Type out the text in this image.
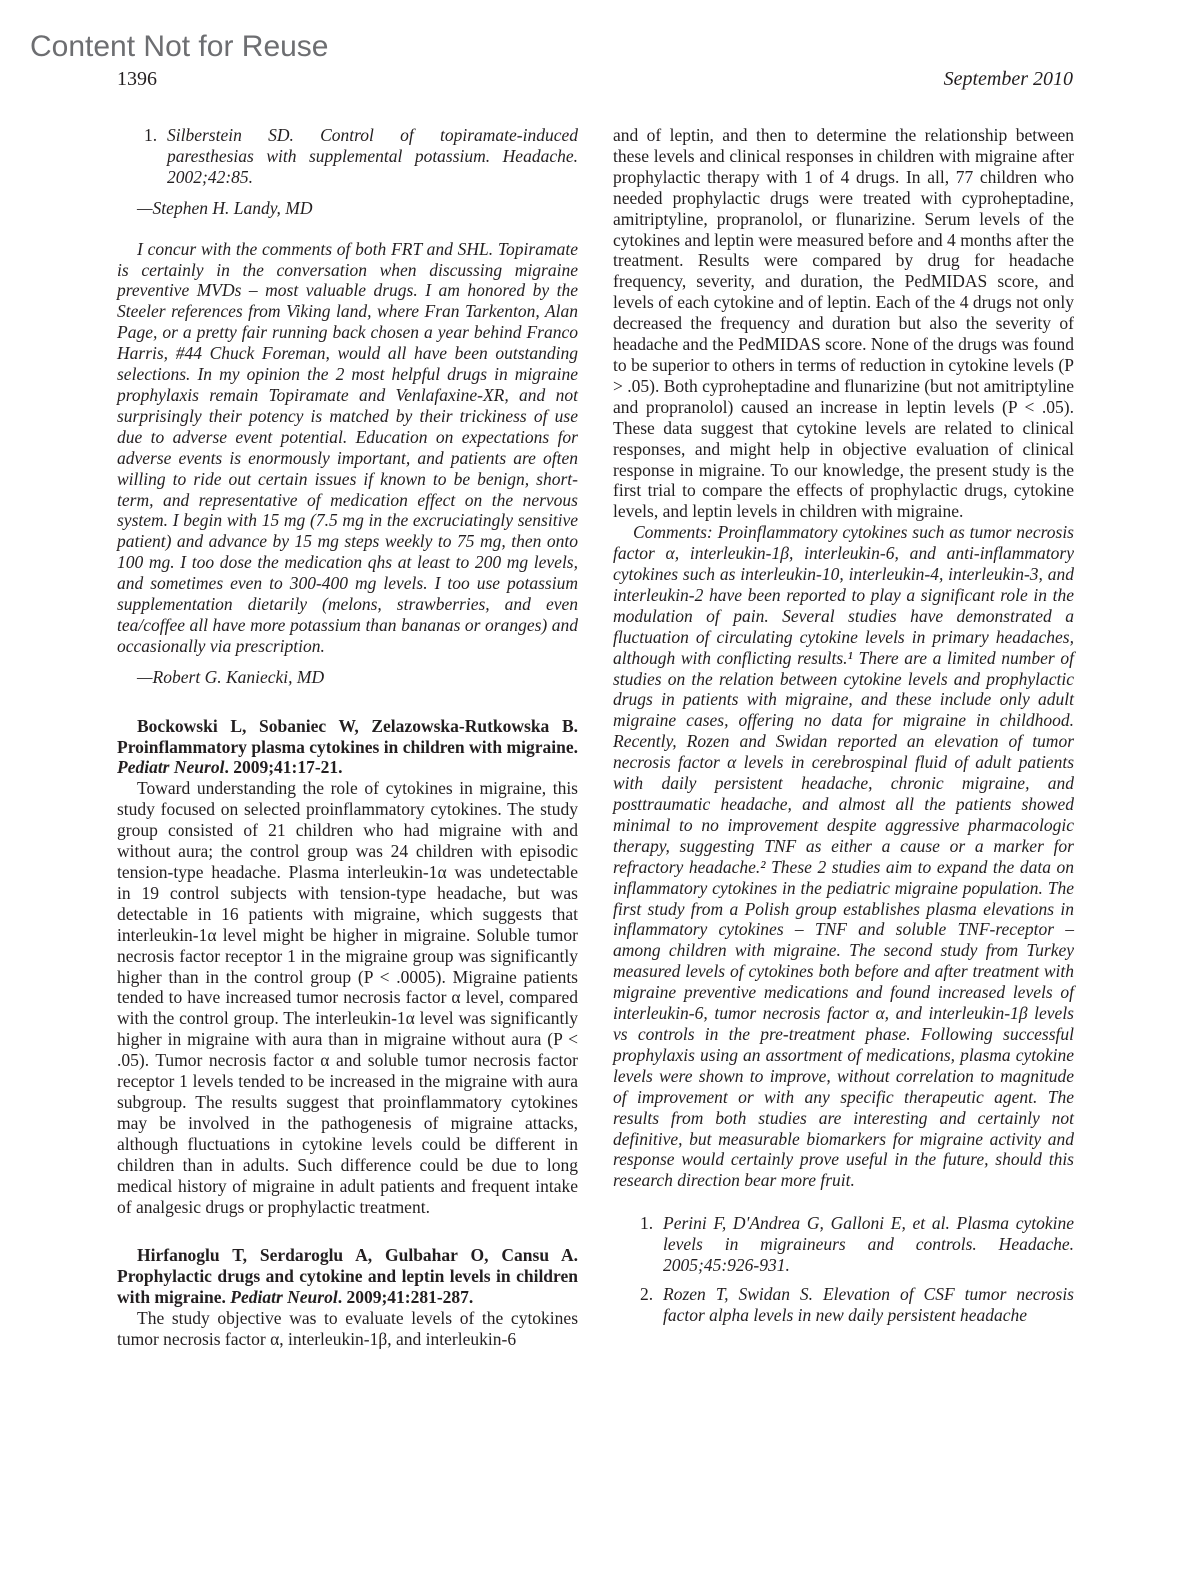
Content Not for Reuse
1396	September 2010
1. Silberstein SD. Control of topiramate-induced paresthesias with supplemental potassium. Headache. 2002;42:85.

—Stephen H. Landy, MD

I concur with the comments of both FRT and SHL. Topiramate is certainly in the conversation when discussing migraine preventive MVDs – most valuable drugs. I am honored by the Steeler references from Viking land, where Fran Tarkenton, Alan Page, or a pretty fair running back chosen a year behind Franco Harris, #44 Chuck Foreman, would all have been outstanding selections. In my opinion the 2 most helpful drugs in migraine prophylaxis remain Topiramate and Venlafaxine-XR, and not surprisingly their potency is matched by their trickiness of use due to adverse event potential. Education on expectations for adverse events is enormously important, and patients are often willing to ride out certain issues if known to be benign, short-term, and representative of medication effect on the nervous system. I begin with 15 mg (7.5 mg in the excruciatingly sensitive patient) and advance by 15 mg steps weekly to 75 mg, then onto 100 mg. I too dose the medication qhs at least to 200 mg levels, and sometimes even to 300-400 mg levels. I too use potassium supplementation dietarily (melons, strawberries, and even tea/coffee all have more potassium than bananas or oranges) and occasionally via prescription.

—Robert G. Kaniecki, MD

Bockowski L, Sobaniec W, Zelazowska-Rutkowska B. Proinflammatory plasma cytokines in children with migraine. Pediatr Neurol. 2009;41:17-21.

Toward understanding the role of cytokines in migraine, this study focused on selected proinflammatory cytokines. The study group consisted of 21 children who had migraine with and without aura; the control group was 24 children with episodic tension-type headache. Plasma interleukin-1α was undetectable in 19 control subjects with tension-type headache, but was detectable in 16 patients with migraine, which suggests that interleukin-1α level might be higher in migraine. Soluble tumor necrosis factor receptor 1 in the migraine group was significantly higher than in the control group (P < .0005). Migraine patients tended to have increased tumor necrosis factor α level, compared with the control group. The interleukin-1α level was significantly higher in migraine with aura than in migraine without aura (P < .05). Tumor necrosis factor α and soluble tumor necrosis factor receptor 1 levels tended to be increased in the migraine with aura subgroup. The results suggest that proinflammatory cytokines may be involved in the pathogenesis of migraine attacks, although fluctuations in cytokine levels could be different in children than in adults. Such difference could be due to long medical history of migraine in adult patients and frequent intake of analgesic drugs or prophylactic treatment.

Hirfanoglu T, Serdaroglu A, Gulbahar O, Cansu A. Prophylactic drugs and cytokine and leptin levels in children with migraine. Pediatr Neurol. 2009;41:281-287.

The study objective was to evaluate levels of the cytokines tumor necrosis factor α, interleukin-1β, and interleukin-6

and of leptin, and then to determine the relationship between these levels and clinical responses in children with migraine after prophylactic therapy with 1 of 4 drugs. In all, 77 children who needed prophylactic drugs were treated with cyproheptadine, amitriptyline, propranolol, or flunarizine. Serum levels of the cytokines and leptin were measured before and 4 months after the treatment. Results were compared by drug for headache frequency, severity, and duration, the PedMIDAS score, and levels of each cytokine and of leptin. Each of the 4 drugs not only decreased the frequency and duration but also the severity of headache and the PedMIDAS score. None of the drugs was found to be superior to others in terms of reduction in cytokine levels (P > .05). Both cyproheptadine and flunarizine (but not amitriptyline and propranolol) caused an increase in leptin levels (P < .05). These data suggest that cytokine levels are related to clinical responses, and might help in objective evaluation of clinical response in migraine. To our knowledge, the present study is the first trial to compare the effects of prophylactic drugs, cytokine levels, and leptin levels in children with migraine.

Comments: Proinflammatory cytokines such as tumor necrosis factor α, interleukin-1β, interleukin-6, and anti-inflammatory cytokines such as interleukin-10, interleukin-4, interleukin-3, and interleukin-2 have been reported to play a significant role in the modulation of pain. Several studies have demonstrated a fluctuation of circulating cytokine levels in primary headaches, although with conflicting results.¹ There are a limited number of studies on the relation between cytokine levels and prophylactic drugs in patients with migraine, and these include only adult migraine cases, offering no data for migraine in childhood. Recently, Rozen and Swidan reported an elevation of tumor necrosis factor α levels in cerebrospinal fluid of adult patients with daily persistent headache, chronic migraine, and posttraumatic headache, and almost all the patients showed minimal to no improvement despite aggressive pharmacologic therapy, suggesting TNF as either a cause or a marker for refractory headache.² These 2 studies aim to expand the data on inflammatory cytokines in the pediatric migraine population. The first study from a Polish group establishes plasma elevations in inflammatory cytokines – TNF and soluble TNF-receptor – among children with migraine. The second study from Turkey measured levels of cytokines both before and after treatment with migraine preventive medications and found increased levels of interleukin-6, tumor necrosis factor α, and interleukin-1β levels vs controls in the pre-treatment phase. Following successful prophylaxis using an assortment of medications, plasma cytokine levels were shown to improve, without correlation to magnitude of improvement or with any specific therapeutic agent. The results from both studies are interesting and certainly not definitive, but measurable biomarkers for migraine activity and response would certainly prove useful in the future, should this research direction bear more fruit.

1. Perini F, D'Andrea G, Galloni E, et al. Plasma cytokine levels in migraineurs and controls. Headache. 2005;45:926-931.
2. Rozen T, Swidan S. Elevation of CSF tumor necrosis factor alpha levels in new daily persistent headache
